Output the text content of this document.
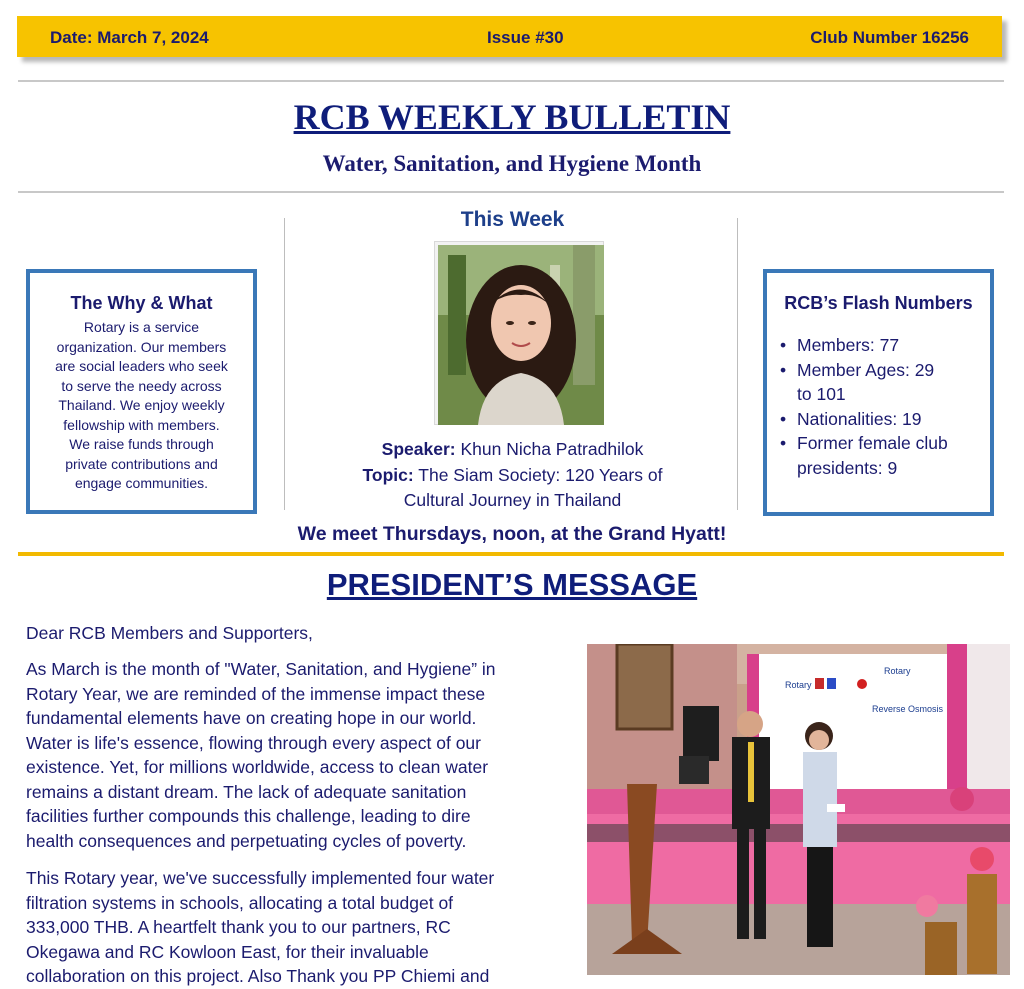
Date: March 7, 2024	Issue #30	Club Number 16256
RCB WEEKLY BULLETIN
Water, Sanitation, and Hygiene Month
The Why & What
Rotary is a service
organization. Our members
are social leaders who seek
to serve the needy across
Thailand. We enjoy weekly
fellowship with members.
We raise funds through
private contributions and
engage communities.
This Week
Speaker: Khun Nicha Patradhilok
Topic: The Siam Society: 120 Years of
Cultural Journey in Thailand
RCB’s Flash Numbers
• Members: 77
• Member Ages: 29
to 101
• Nationalities: 19
• Former female club
presidents: 9
We meet Thursdays, noon, at the Grand Hyatt!
PRESIDENT’S MESSAGE
Dear RCB Members and Supporters,
As March is the month of "Water, Sanitation, and Hygiene” in
Rotary Year, we are reminded of the immense impact these
fundamental elements have on creating hope in our world.
Water is life's essence, flowing through every aspect of our
existence. Yet, for millions worldwide, access to clean water
remains a distant dream. The lack of adequate sanitation
facilities further compounds this challenge, leading to dire
health consequences and perpetuating cycles of poverty.
This Rotary year, we've successfully implemented four water
filtration systems in schools, allocating a total budget of
333,000 THB. A heartfelt thank you to our partners, RC
Okegawa and RC Kowloon East, for their invaluable
collaboration on this project. Also Thank you PP Chiemi and
Rotary
Rotary
Reverse Osmosis
